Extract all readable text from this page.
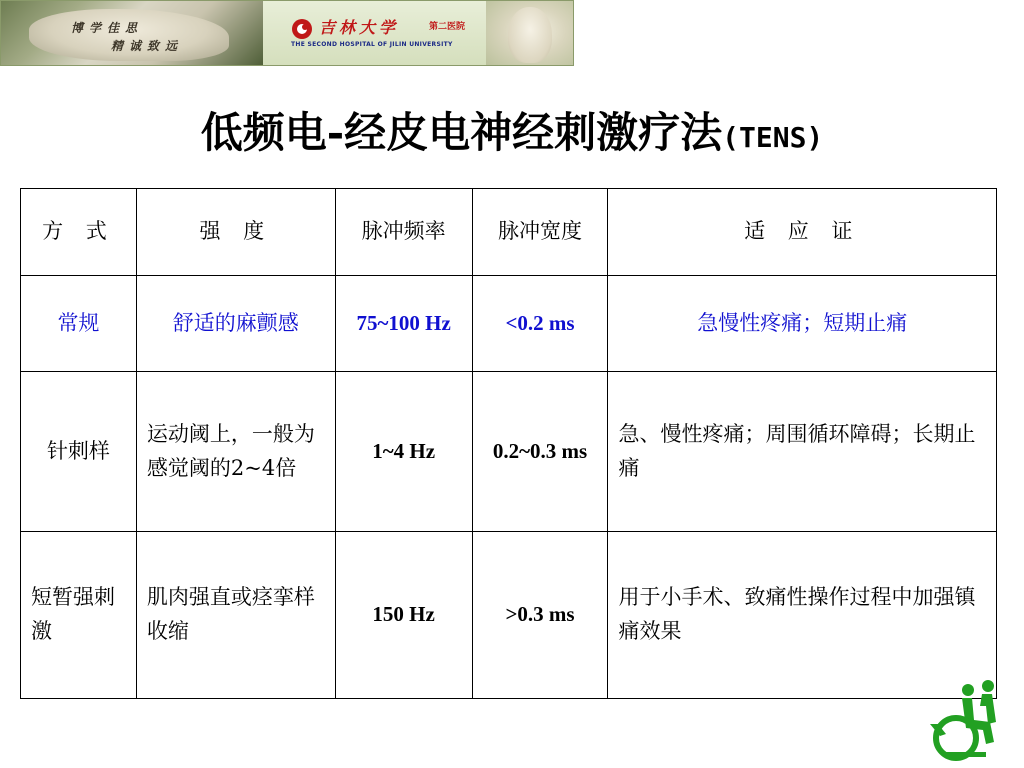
博学佳思
精诚致远
吉林大学	第二医院
THE SECOND HOSPITAL OF JILIN UNIVERSITY
低频电-经皮电神经刺激疗法(TENS)
方 式	强 度	脉冲频率	脉冲宽度	适 应 证
常规	舒适的麻颤感	75~100 Hz	<0.2 ms	急慢性疼痛；短期止痛
针刺样	运动阈上，一般为感觉阈的2~4倍	1~4 Hz	0.2~0.3 ms	急、慢性疼痛；周围循环障碍；长期止痛
短暂强刺激	肌肉强直或痉挛样收缩	150 Hz	>0.3 ms	用于小手术、致痛性操作过程中加强镇痛效果
